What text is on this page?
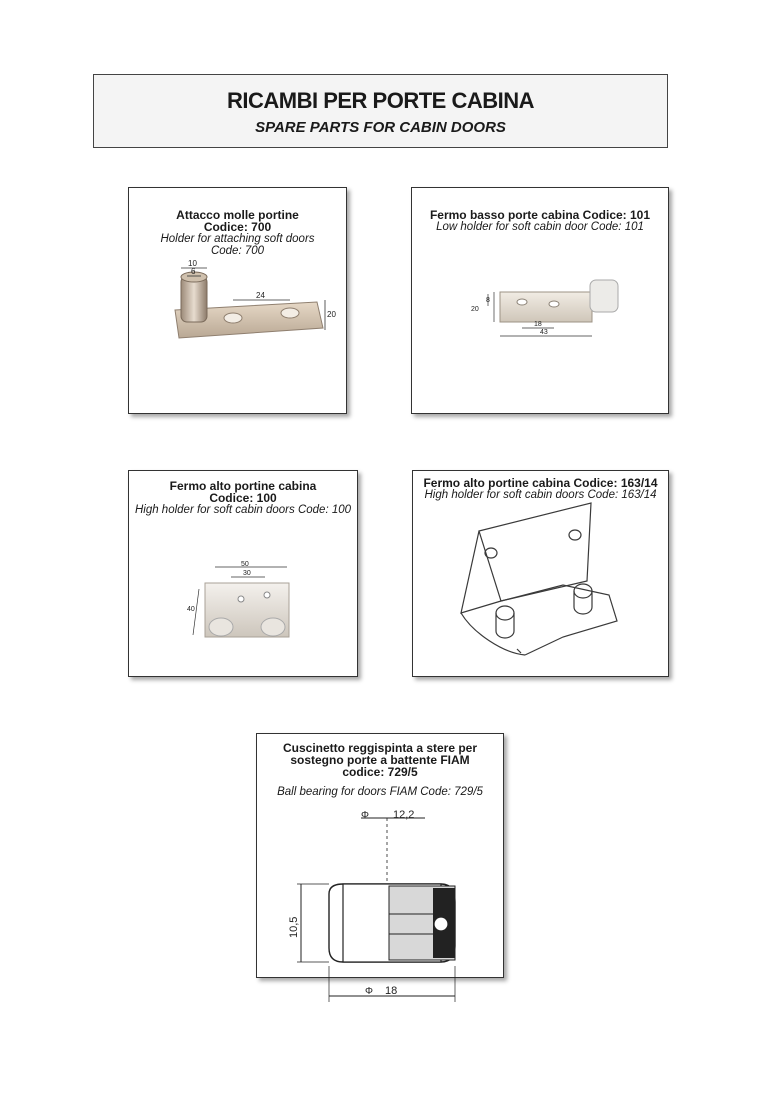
RICAMBI PER PORTE CABINA
SPARE PARTS FOR CABIN DOORS
Attacco molle portine
Codice: 700
Holder for attaching soft doors
Code: 700
10
6
24
20
Fermo basso porte cabina Codice: 101
Low holder for soft cabin door Code: 101
20
8
18
43
Fermo alto portine cabina
Codice: 100
High holder for soft cabin doors Code: 100
50
30
40
Fermo alto portine cabina Codice: 163/14
High holder for soft cabin doors Code: 163/14
Cuscinetto reggispinta a stere per
sostegno porte a battente FIAM
codice: 729/5
Ball bearing for doors FIAM Code: 729/5
Φ 12,2
10,5
Φ 18
